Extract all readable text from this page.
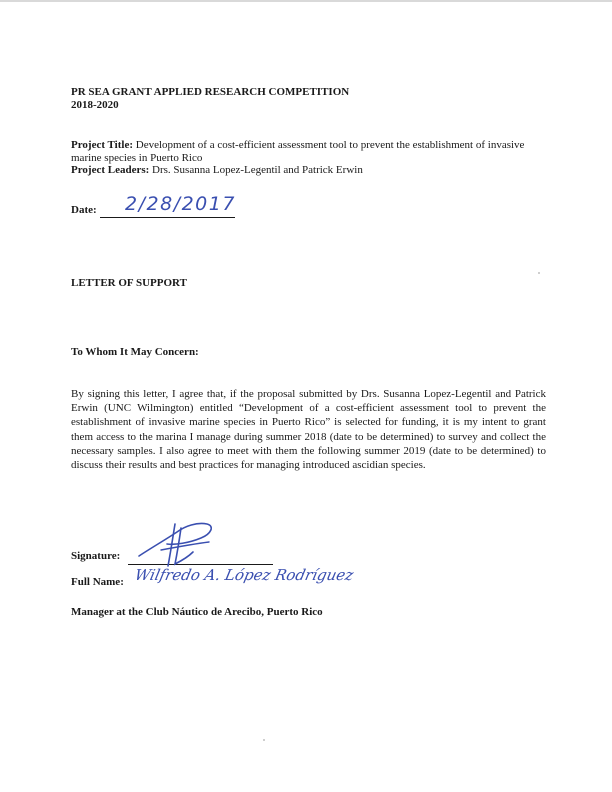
PR SEA GRANT APPLIED RESEARCH COMPETITION
2018-2020
Project Title: Development of a cost-efficient assessment tool to prevent the establishment of invasive marine species in Puerto Rico
Project Leaders: Drs. Susanna Lopez-Legentil and Patrick Erwin
Date: 2/28/2017
LETTER OF SUPPORT
To Whom It May Concern:
By signing this letter, I agree that, if the proposal submitted by Drs. Susanna Lopez-Legentil and Patrick Erwin (UNC Wilmington) entitled “Development of a cost-efficient assessment tool to prevent the establishment of invasive marine species in Puerto Rico” is selected for funding, it is my intent to grant them access to the marina I manage during summer 2018 (date to be determined) to survey and collect the necessary samples. I also agree to meet with them the following summer 2019 (date to be determined) to discuss their results and best practices for managing introduced ascidian species.
Signature:
Full Name: Wilfredo A. López Rodríguez
Manager at the Club Náutico de Arecibo, Puerto Rico
